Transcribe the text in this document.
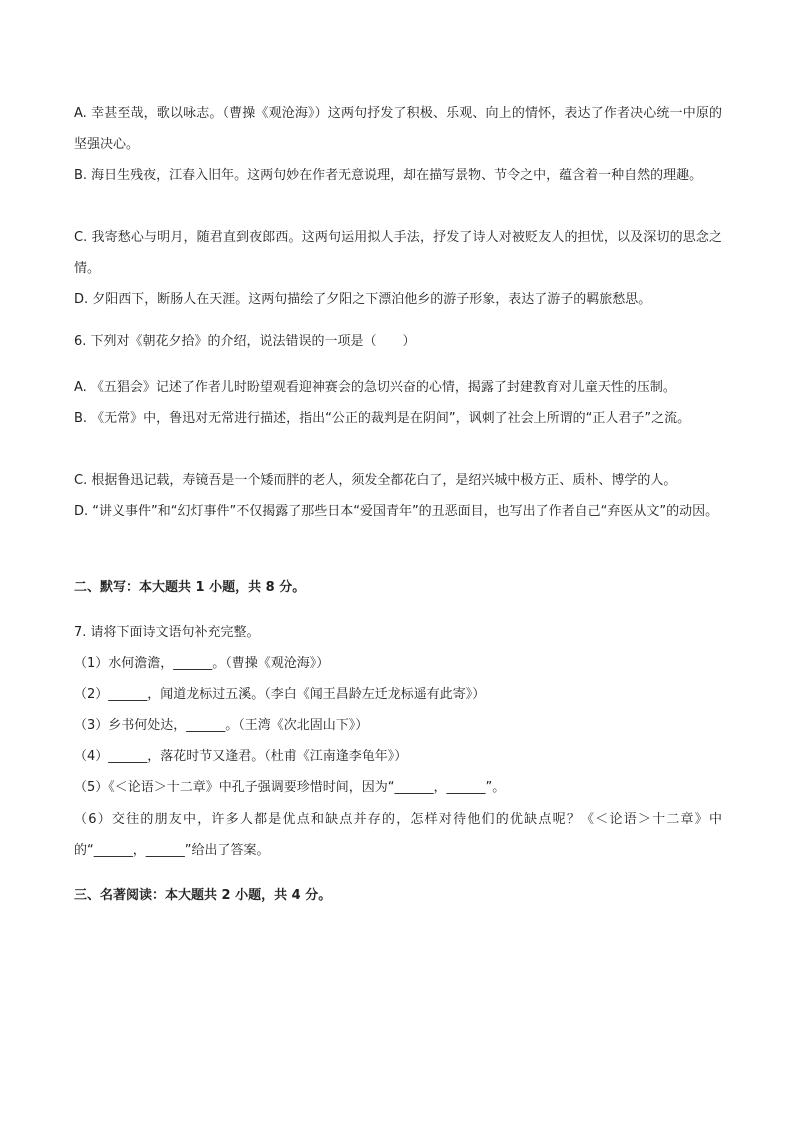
A. 幸甚至哉，歌以咏志。（曹操《观沧海》）这两句抒发了积极、乐观、向上的情怀，表达了作者决心统一中原的坚强决心。

B. 海日生残夜，江春入旧年。这两句妙在作者无意说理，却在描写景物、节令之中，蕴含着一种自然的理趣。

C. 我寄愁心与明月，随君直到夜郎西。这两句运用拟人手法，抒发了诗人对被贬友人的担忧，以及深切的思念之情。

D. 夕阳西下，断肠人在天涯。这两句描绘了夕阳之下漂泊他乡的游子形象，表达了游子的羁旅愁思。

6. 下列对《朝花夕拾》的介绍，说法错误的一项是（　　）

A. 《五猖会》记述了作者儿时盼望观看迎神赛会的急切兴奋的心情，揭露了封建教育对儿童天性的压制。

B. 《无常》中，鲁迅对无常进行描述，指出“公正的裁判是在阴间”，讽刺了社会上所谓的“正人君子”之流。

C. 根据鲁迅记载，寿镜吾是一个矮而胖的老人，须发全都花白了，是绍兴城中极方正、质朴、博学的人。

D. “讲义事件”和“幻灯事件”不仅揭露了那些日本“爱国青年”的丑恶面目，也写出了作者自己“弃医从文”的动因。

二、默写：本大题共 1 小题，共 8 分。

7. 请将下面诗文语句补充完整。

（1）水何澹澹，______。（曹操《观沧海》）

（2）______，闻道龙标过五溪。（李白《闻王昌龄左迁龙标遥有此寄》）

（3）乡书何处达，______。（王湾《次北固山下》）

（4）______，落花时节又逢君。（杜甫《江南逢李龟年》）

（5）《＜论语＞十二章》中孔子强调要珍惜时间，因为“______，______”。

（6）交往的朋友中，许多人都是优点和缺点并存的，怎样对待他们的优缺点呢？《＜论语＞十二章》中的“______，______”给出了答案。

三、名著阅读：本大题共 2 小题，共 4 分。
